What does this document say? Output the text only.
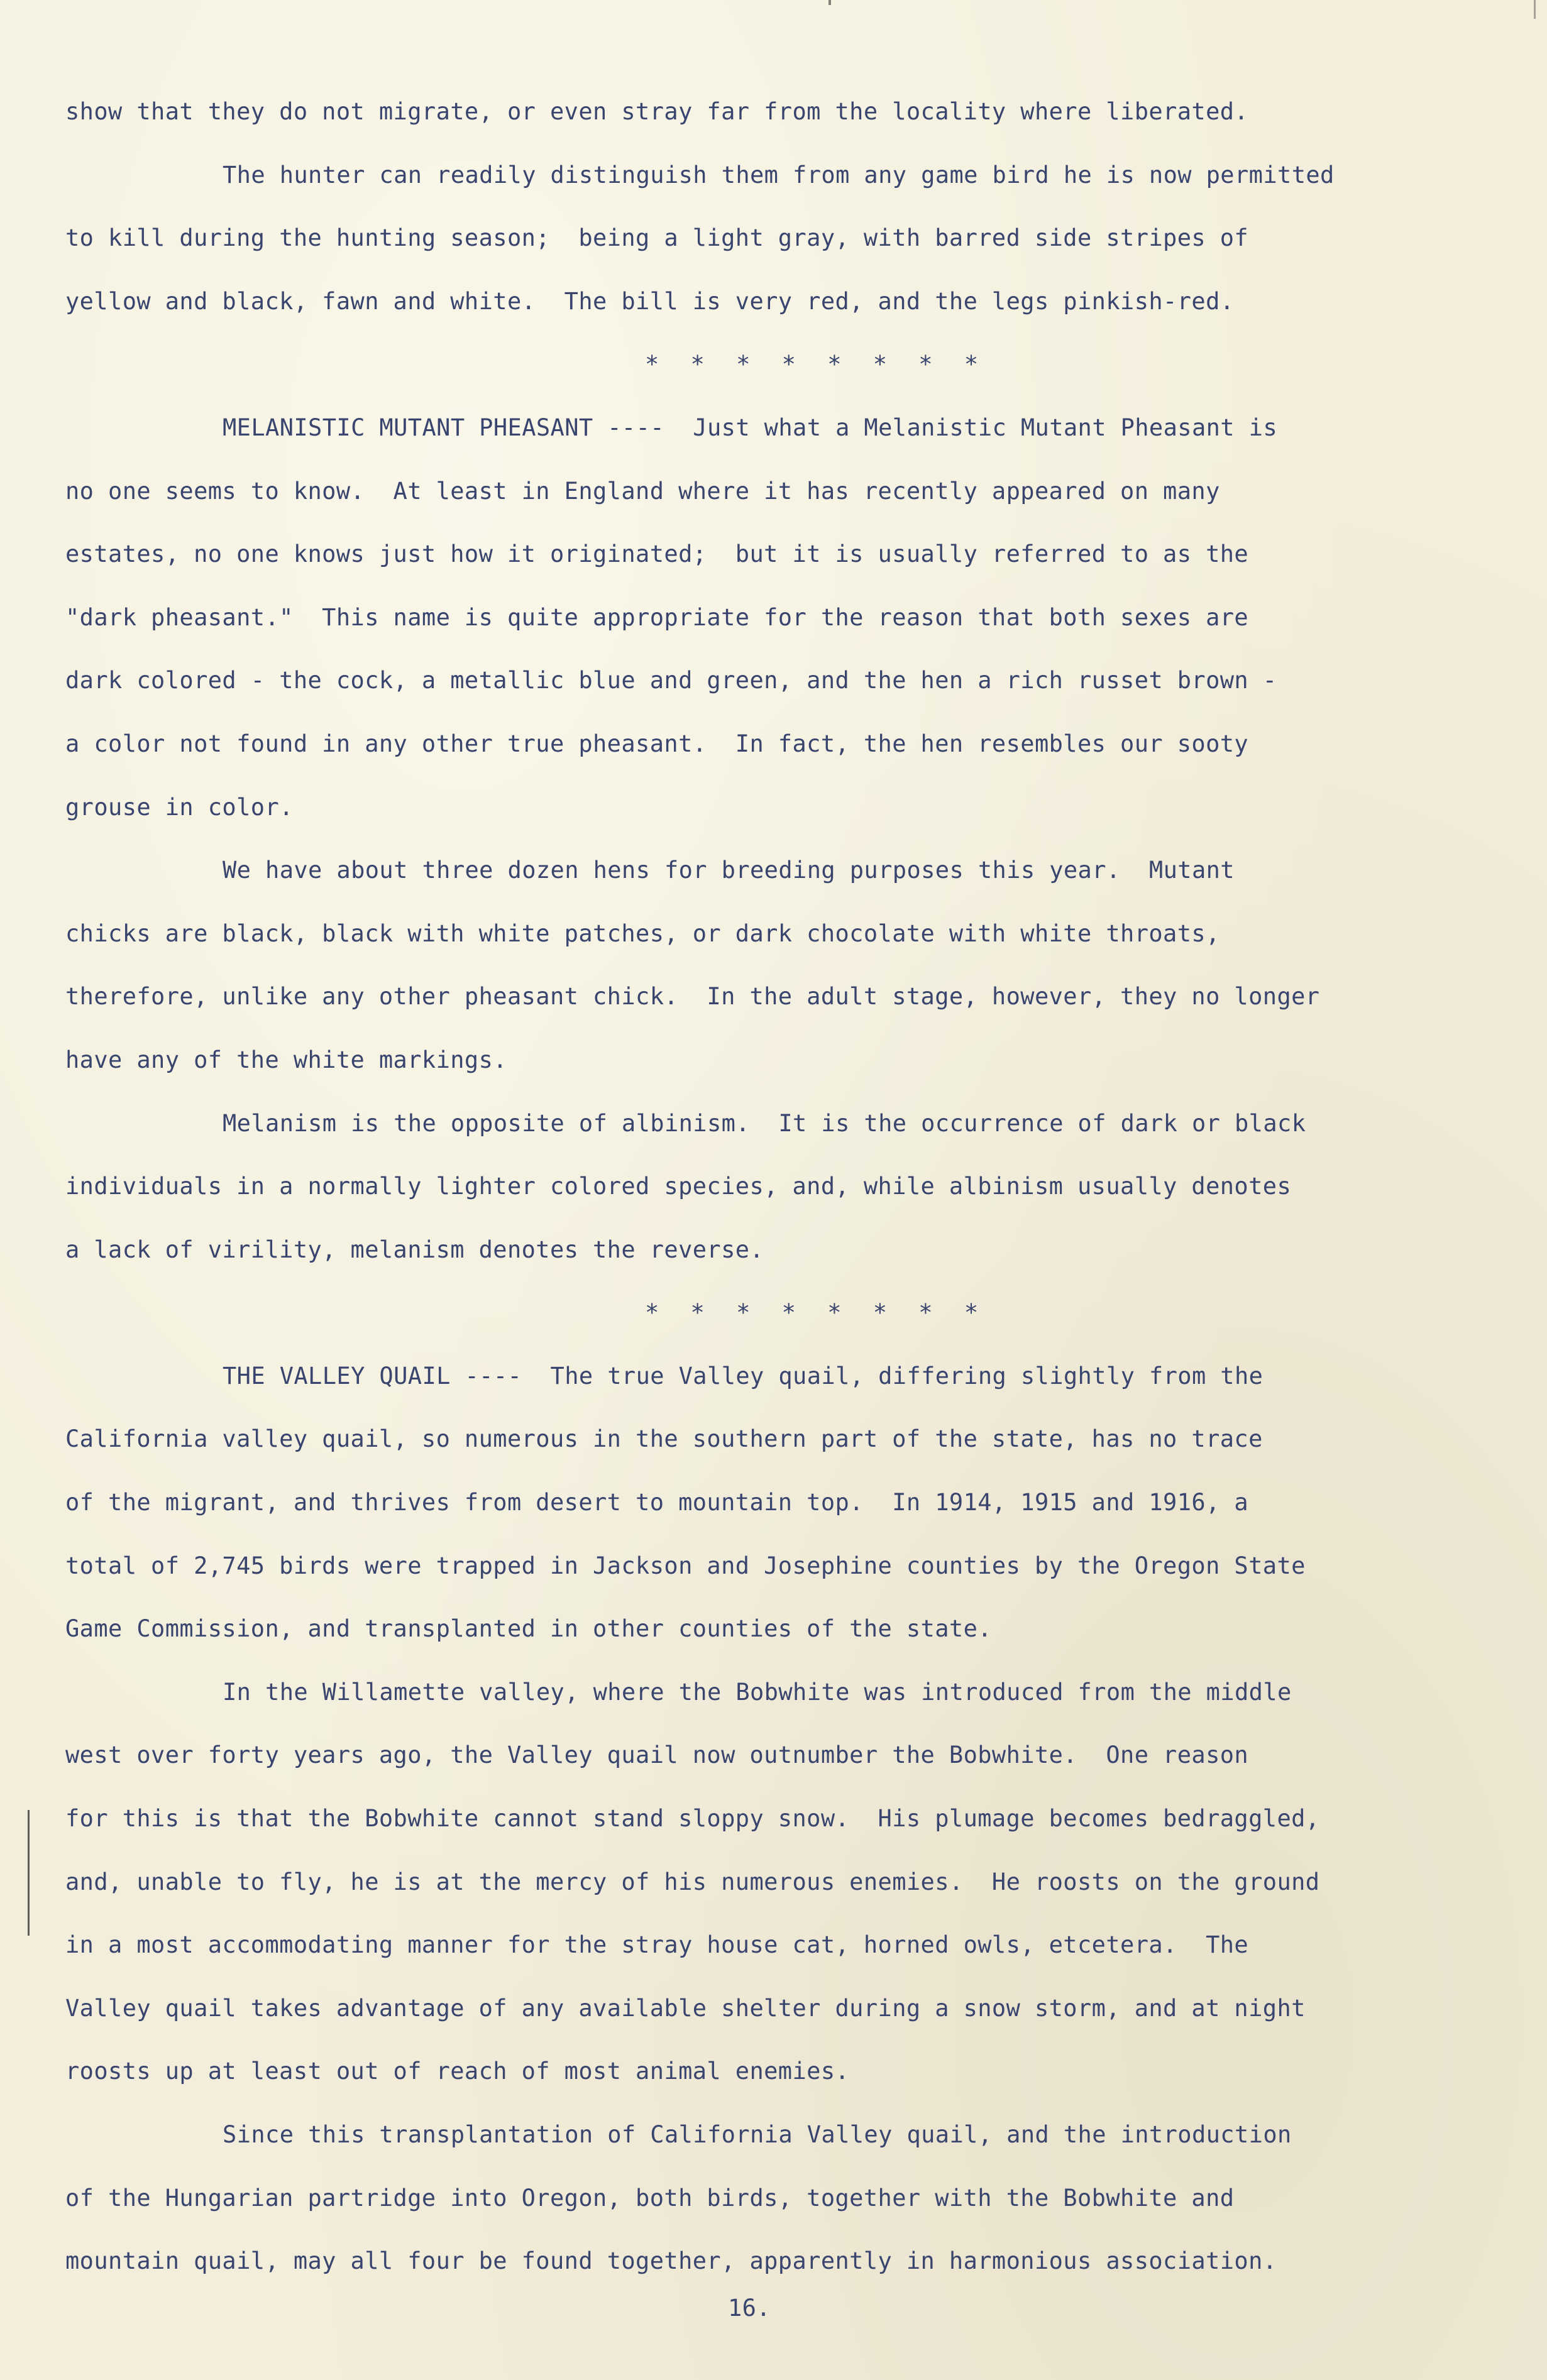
show that they do not migrate, or even stray far from the locality where liberated.
The hunter can readily distinguish them from any game bird he is now permitted
to kill during the hunting season;  being a light gray, with barred side stripes of
yellow and black, fawn and white.  The bill is very red, and the legs pinkish-red.
* * * * * * * *
MELANISTIC MUTANT PHEASANT ----  Just what a Melanistic Mutant Pheasant is
no one seems to know.  At least in England where it has recently appeared on many
estates, no one knows just how it originated;  but it is usually referred to as the
"dark pheasant."  This name is quite appropriate for the reason that both sexes are
dark colored - the cock, a metallic blue and green, and the hen a rich russet brown -
a color not found in any other true pheasant.  In fact, the hen resembles our sooty
grouse in color.
We have about three dozen hens for breeding purposes this year.  Mutant
chicks are black, black with white patches, or dark chocolate with white throats,
therefore, unlike any other pheasant chick.  In the adult stage, however, they no longer
have any of the white markings.
Melanism is the opposite of albinism.  It is the occurrence of dark or black
individuals in a normally lighter colored species, and, while albinism usually denotes
a lack of virility, melanism denotes the reverse.
* * * * * * * *
THE VALLEY QUAIL ----  The true Valley quail, differing slightly from the
California valley quail, so numerous in the southern part of the state, has no trace
of the migrant, and thrives from desert to mountain top.  In 1914, 1915 and 1916, a
total of 2,745 birds were trapped in Jackson and Josephine counties by the Oregon State
Game Commission, and transplanted in other counties of the state.
In the Willamette valley, where the Bobwhite was introduced from the middle
west over forty years ago, the Valley quail now outnumber the Bobwhite.  One reason
for this is that the Bobwhite cannot stand sloppy snow.  His plumage becomes bedraggled,
and, unable to fly, he is at the mercy of his numerous enemies.  He roosts on the ground
in a most accommodating manner for the stray house cat, horned owls, etcetera.  The
Valley quail takes advantage of any available shelter during a snow storm, and at night
roosts up at least out of reach of most animal enemies.
Since this transplantation of California Valley quail, and the introduction
of the Hungarian partridge into Oregon, both birds, together with the Bobwhite and
mountain quail, may all four be found together, apparently in harmonious association.
16.
